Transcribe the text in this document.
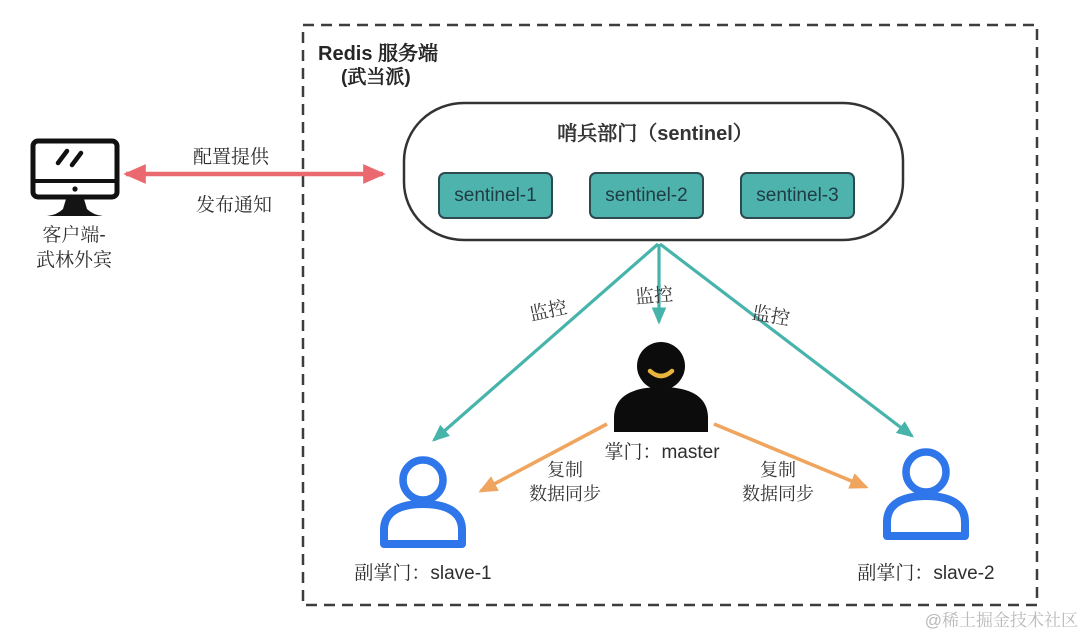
Redis 服务端
(武当派)
哨兵部门（sentinel）
sentinel-1	sentinel-2	sentinel-3
客户端-
武林外宾
配置提供
发布通知
监控
监控
监控
掌门：master
复制
数据同步
复制
数据同步
副掌门：slave-1	副掌门：slave-2
@稀土掘金技术社区
